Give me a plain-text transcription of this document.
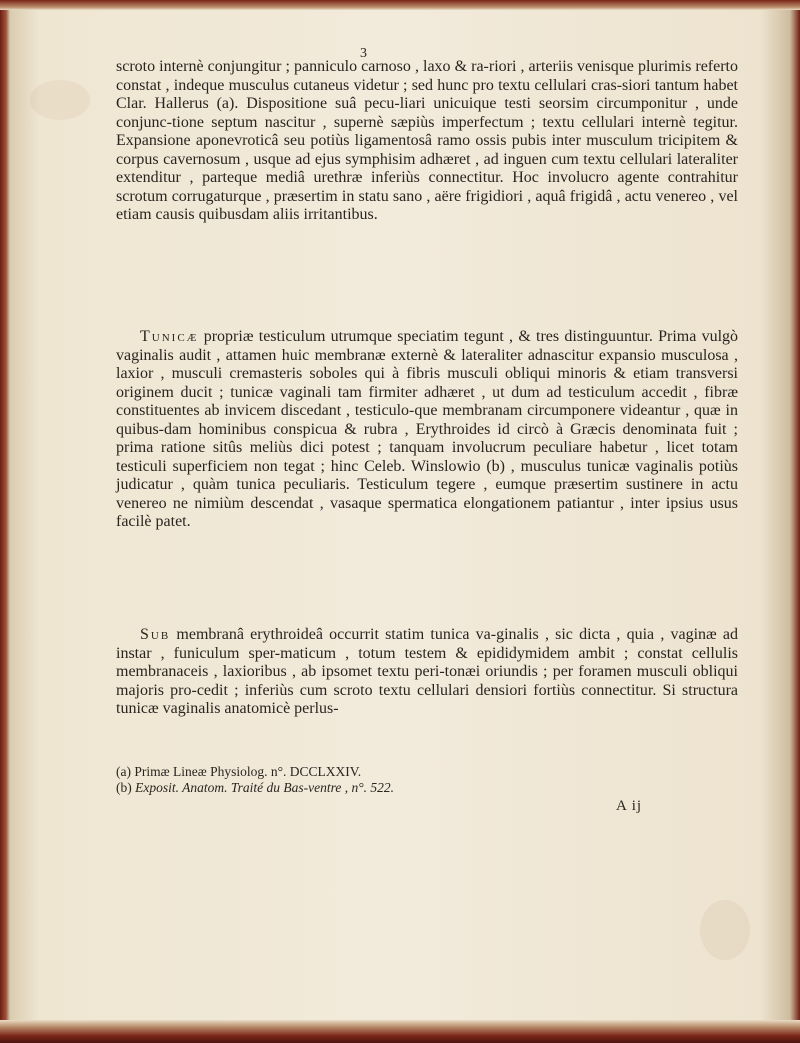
3

scroto internè conjungitur ; panniculo carnoso , laxo & ra-riori , arteriis venisque plurimis referto constat , indeque musculus cutaneus videtur ; sed hunc pro textu cellulari cras-siori tantum habet Clar. Hallerus (a). Dispositione suâ pecu-liari unicuique testi seorsim circumponitur , unde conjunc-tione septum nascitur , supernè sæpiùs imperfectum ; textu cellulari internè tegitur. Expansione aponevroticâ seu potiùs ligamentosâ ramo ossis pubis inter musculum tricipitem & corpus cavernosum , usque ad ejus symphisim adhæret , ad inguen cum textu cellulari lateraliter extenditur , parteque mediâ urethræ inferiùs connectitur. Hoc involucro agente contrahitur scrotum corrugaturque , præsertim in statu sano , aëre frigidiori , aquâ frigidâ , actu venereo , vel etiam causis quibusdam aliis irritantibus.

Tunicæ propriæ testiculum utrumque speciatim tegunt , & tres distinguuntur. Prima vulgò vaginalis audit , attamen huic membranæ externè & lateraliter adnascitur expansio musculosa , laxior , musculi cremasteris soboles qui à fibris musculi obliqui minoris & etiam transversi originem ducit ; tunicæ vaginali tam firmiter adhæret , ut dum ad testiculum accedit , fibræ constituentes ab invicem discedant , testiculo-que membranam circumponere videantur , quæ in quibus-dam hominibus conspicua & rubra , Erythroides id circò à Græcis denominata fuit ; prima ratione sitûs meliùs dici potest ; tanquam involucrum peculiare habetur , licet totam testiculi superficiem non tegat ; hinc Celeb. Winslowio (b) , musculus tunicæ vaginalis potiùs judicatur , quàm tunica peculiaris. Testiculum tegere , eumque præsertim sustinere in actu venereo ne nimiùm descendat , vasaque spermatica elongationem patiantur , inter ipsius usus facilè patet.

Sub membranâ erythroideâ occurrit statim tunica va-ginalis , sic dicta , quia , vaginæ ad instar , funiculum sper-maticum , totum testem & epididymidem ambit ; constat cellulis membranaceis , laxioribus , ab ipsomet textu peri-tonæi oriundis ; per foramen musculi obliqui majoris pro-cedit ; inferiùs cum scroto textu cellulari densiori fortiùs connectitur. Si structura tunicæ vaginalis anatomicè perlus-

(a) Primæ Lineæ Physiolog. n°. DCCLXXIV.
(b) Exposit. Anatom. Traité du Bas-ventre , n°. 522.
A ij
